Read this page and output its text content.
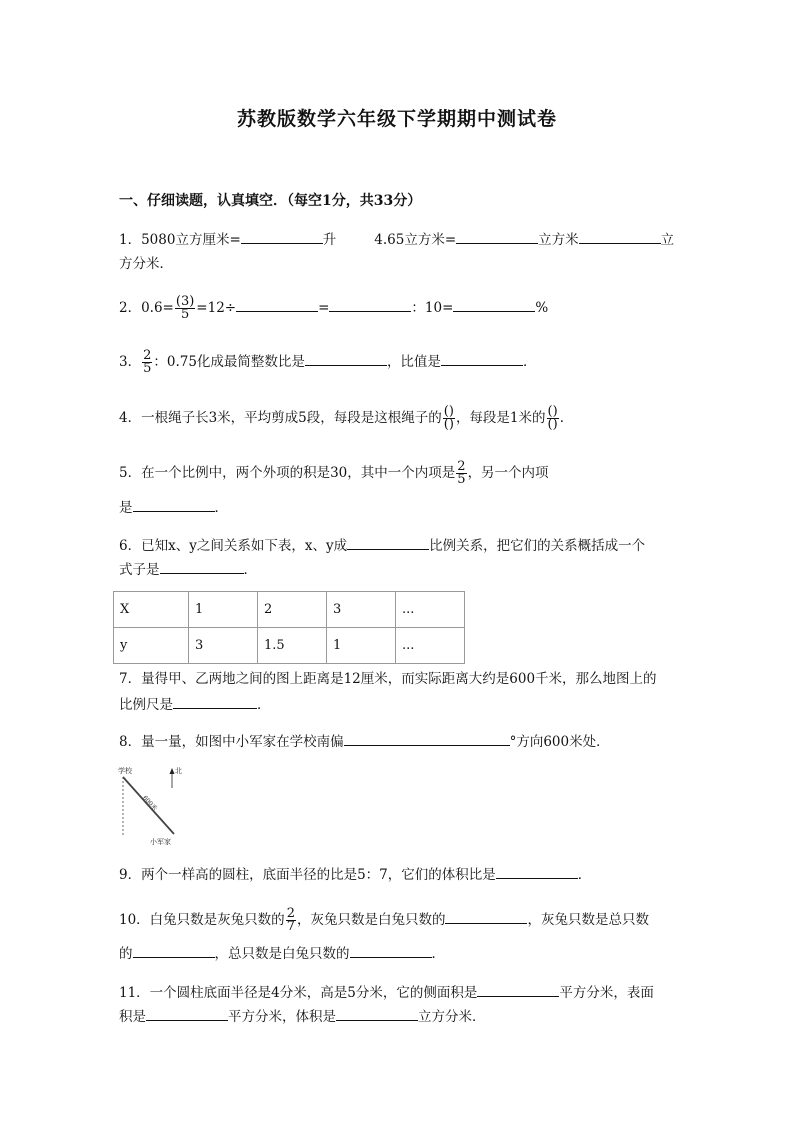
苏教版数学六年级下学期期中测试卷
一、仔细读题，认真填空．（每空1分，共33分）
1．5080立方厘米=	升	4.65立方米=	立方米	立
方分米．
2．$0.6= \frac{(3)}{5} =12\div$	=	：10=	%
3． $\frac{2}{5}$ ：0.75化成最简整数比是	，比值是	．
4．一根绳子长3米，平均剪成5段，每段是这根绳子的 $\frac{()}{()}$ ，每段是1米的 $\frac{()}{()}$ ．
5．在一个比例中，两个外项的积是30，其中一个内项是 $\frac{2}{5}$ ，另一个内项
是	．
6．已知x、y之间关系如下表，x、y成	比例关系，把它们的关系概括成一个
式子是	．
X	1	2	3	...
y	3	1.5	1	...
7．量得甲、乙两地之间的图上距离是12厘米，而实际距离大约是600千米，那么地图上的
比例尺是	．
8．量一量，如图中小军家在学校南偏	°方向600米处．
学校	北
600米
小军家
9．两个一样高的圆柱，底面半径的比是5：7，它们的体积比是	．
10．白兔只数是灰兔只数的 $\frac{2}{7}$ ，灰兔只数是白兔只数的	，灰兔只数是总只数
的	，总只数是白兔只数的	．
11．一个圆柱底面半径是4分米，高是5分米，它的侧面积是	平方分米，表面
积是	平方分米，体积是	立方分米．
